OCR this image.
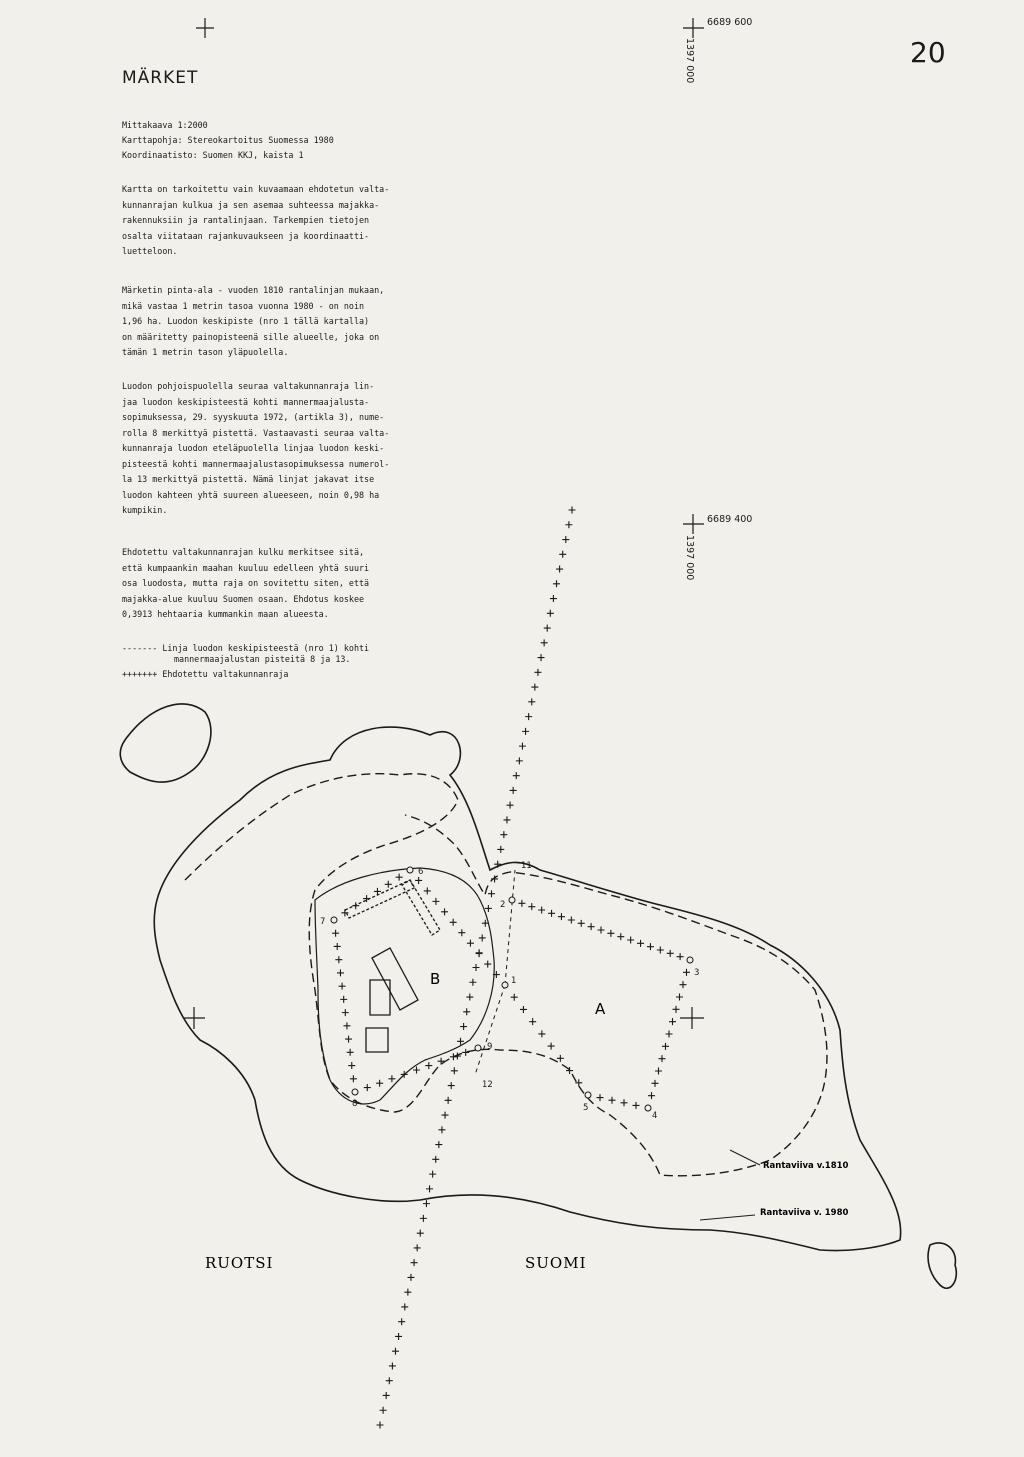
MÄRKET
20
6689 600
1397 000
6689 400
1397 000
Mittakaava 1:2000
Karttapohja: Stereokartoitus Suomessa 1980
Koordinaatisto: Suomen KKJ, kaista 1

Kartta on tarkoitettu vain kuvaamaan ehdotetun valta-
kunnanrajan kulkua ja sen asemaa suhteessa majakka-
rakennuksiin ja rantalinjaan. Tarkempien tietojen
osalta viitataan rajankuvaukseen ja koordinaatti-
luetteloon.

Märketin pinta-ala - vuoden 1810 rantalinjan mukaan,
mikä vastaa 1 metrin tasoa vuonna 1980 - on noin
1,96 ha. Luodon keskipiste (nro 1 tällä kartalla)
on määritetty painopisteenä sille alueelle, joka on
tämän 1 metrin tason yläpuolella.

Luodon pohjoispuolella seuraa valtakunnanraja lin-
jaa luodon keskipisteestä kohti mannermaajalusta-
sopimuksessa, 29. syyskuuta 1972, (artikla 3), nume-
rolla 8 merkittyä pistettä. Vastaavasti seuraa valta-
kunnanraja luodon eteläpuolella linjaa luodon keski-
pisteestä kohti mannermaajalustasopimuksessa numerol-
la 13 merkittyä pistettä. Nämä linjat jakavat itse
luodon kahteen yhtä suureen alueeseen, noin 0,98 ha
kumpikin.

Ehdotettu valtakunnanrajan kulku merkitsee sitä,
että kumpaankin maahan kuuluu edelleen yhtä suuri
osa luodosta, mutta raja on sovitettu siten, että
majakka-alue kuuluu Suomen osaan. Ehdotus koskee
0,3913 hehtaaria kummankin maan alueesta.

------- Linja luodon keskipisteestä (nro 1) kohti
mannermaajalustan pisteitä 8 ja 13.
+++++++ Ehdotettu valtakunnanraja
1
2
3
4
5
6
7
8
9
11
12
B
A
Rantaviiva v.1810
Rantaviiva v. 1980
RUOTSI	SUOMI
